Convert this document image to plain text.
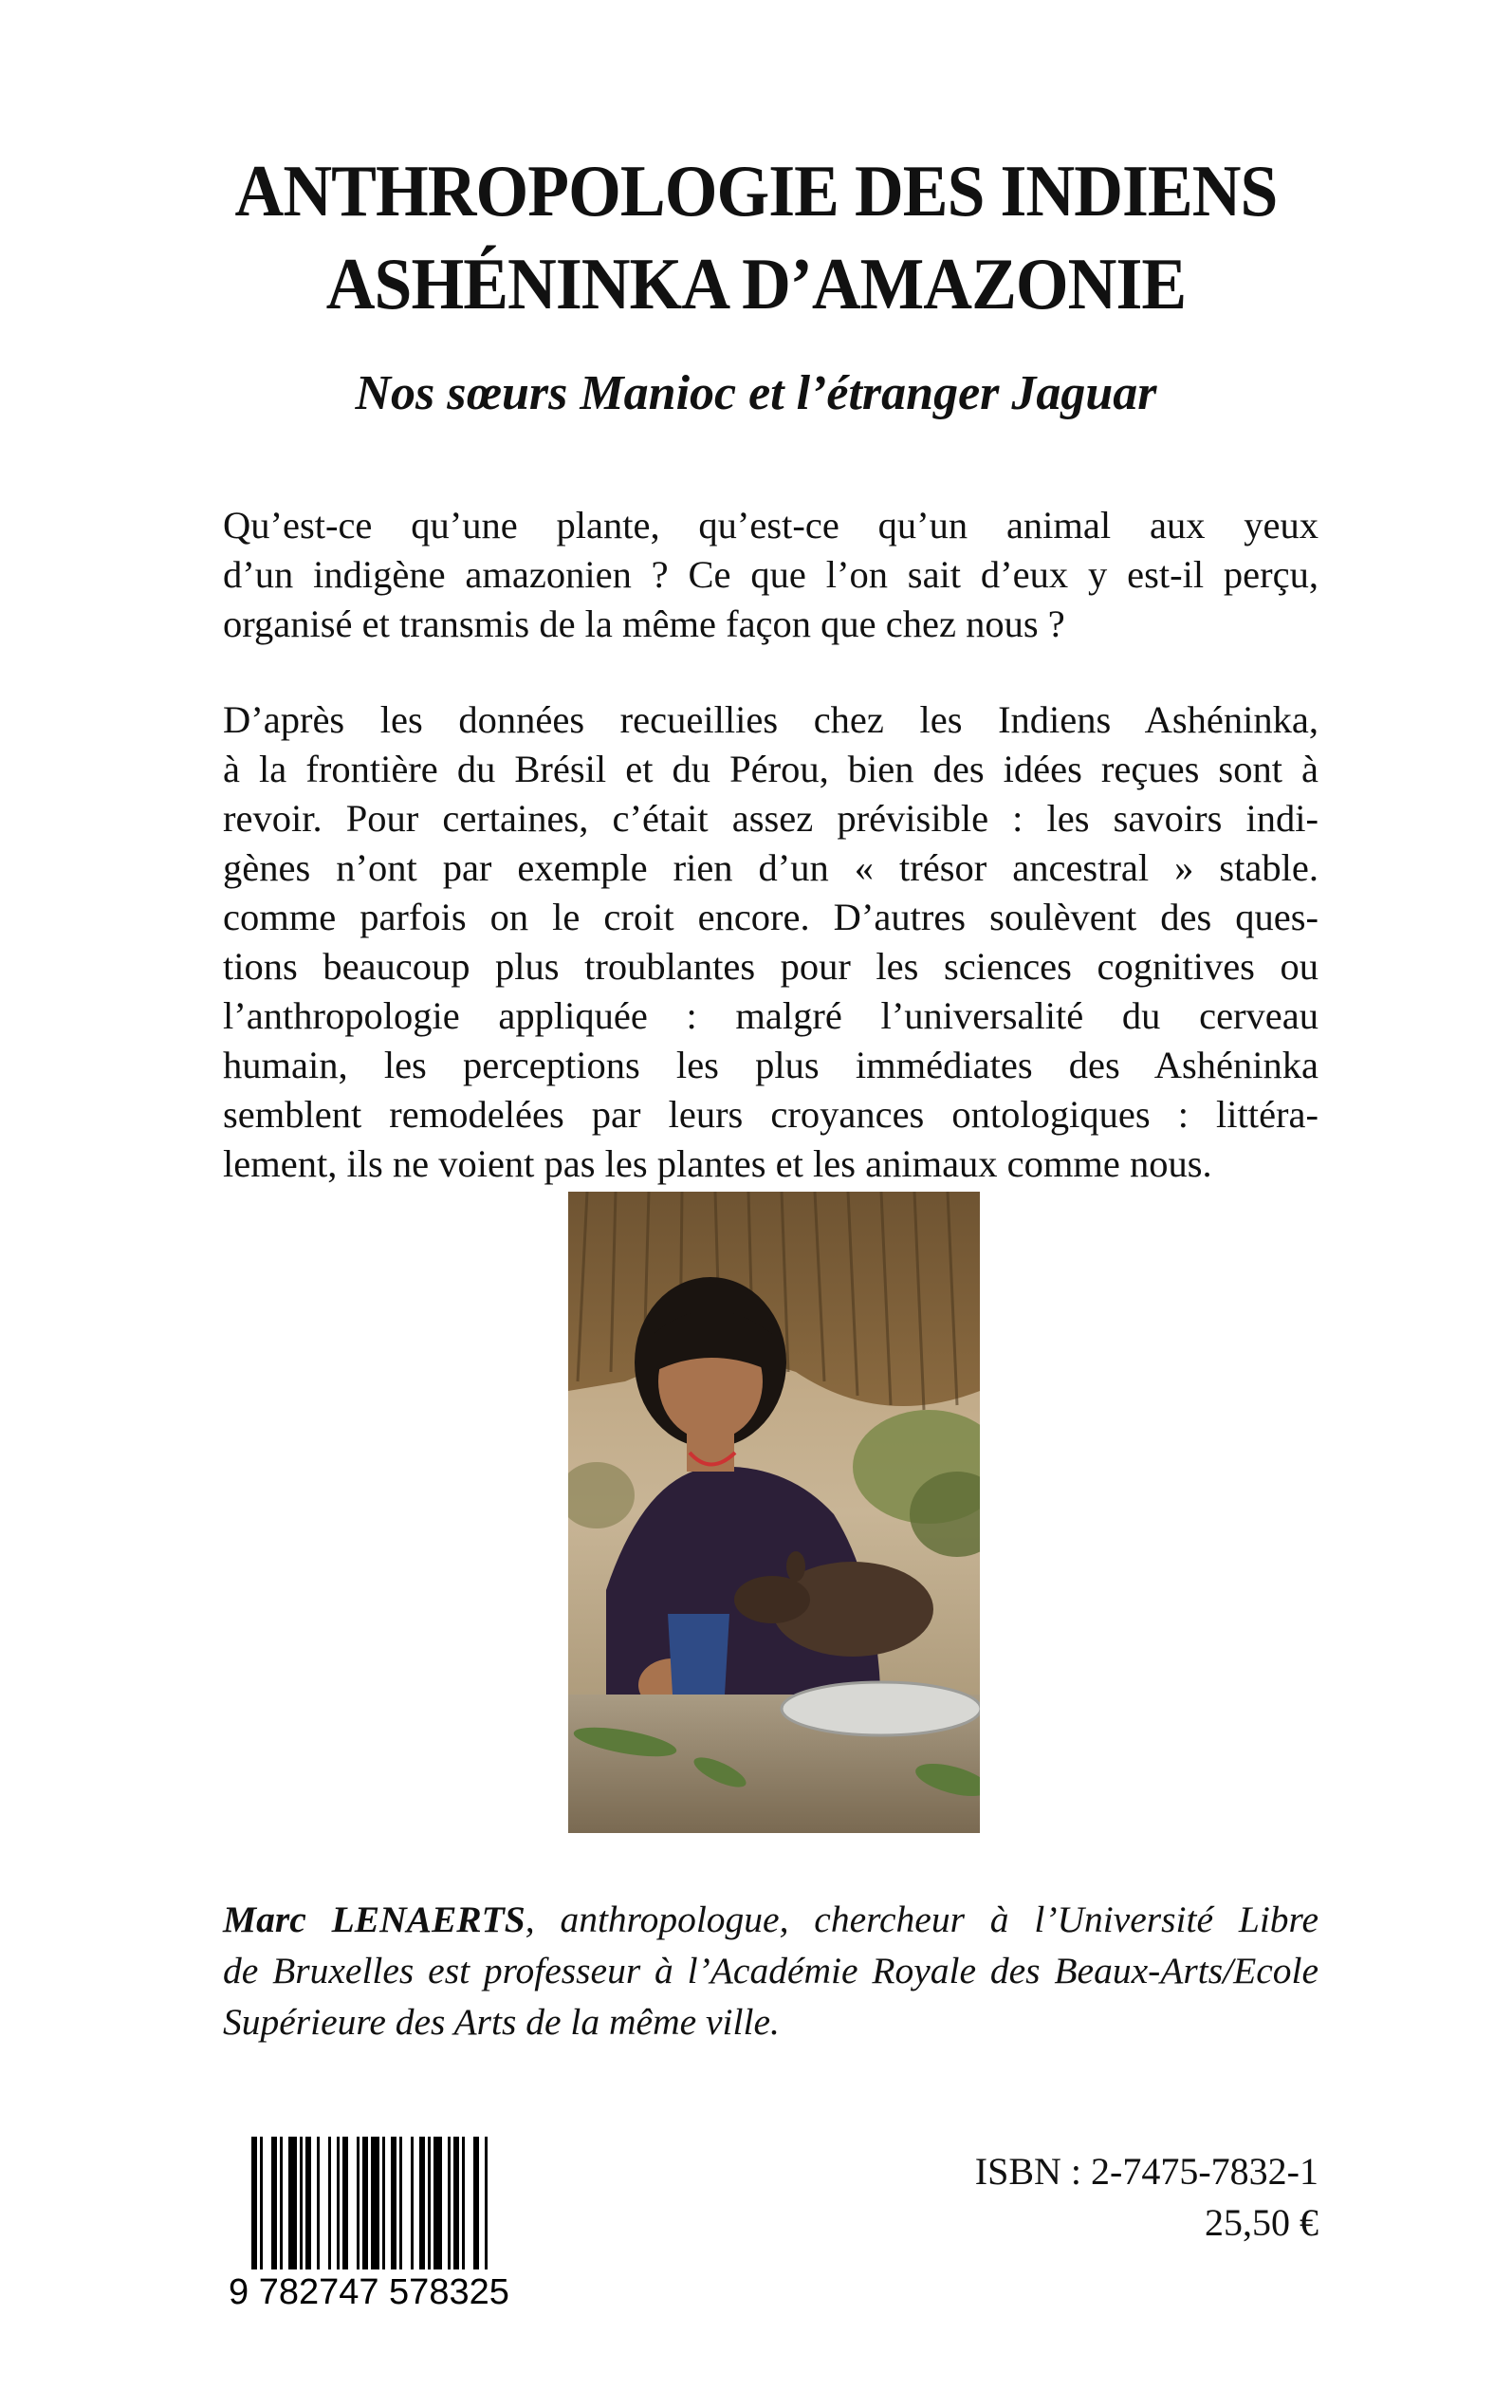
ANTHROPOLOGIE DES INDIENS
ASHÉNINKA D’AMAZONIE
Nos sœurs Manioc et l’étranger Jaguar

Qu’est-ce qu’une plante, qu’est-ce qu’un animal aux yeux
d’un indigène amazonien ? Ce que l’on sait d’eux y est-il perçu,
organisé et transmis de la même façon que chez nous ?

D’après les données recueillies chez les Indiens Ashéninka,
à la frontière du Brésil et du Pérou, bien des idées reçues sont à
revoir. Pour certaines, c’était assez prévisible : les savoirs indi-
gènes n’ont par exemple rien d’un « trésor ancestral » stable.
comme parfois on le croit encore. D’autres soulèvent des ques-
tions beaucoup plus troublantes pour les sciences cognitives ou
l’anthropologie appliquée : malgré l’universalité du cerveau
humain, les perceptions les plus immédiates des Ashéninka
semblent remodelées par leurs croyances ontologiques : littéra-
lement, ils ne voient pas les plantes et les animaux comme nous.

Marc LENAERTS, anthropologue, chercheur à l’Université Libre
de Bruxelles est professeur à l’Académie Royale des Beaux-Arts/Ecole
Supérieure des Arts de la même ville.

9 782747 578325
ISBN : 2-7475-7832-1
25,50 €
